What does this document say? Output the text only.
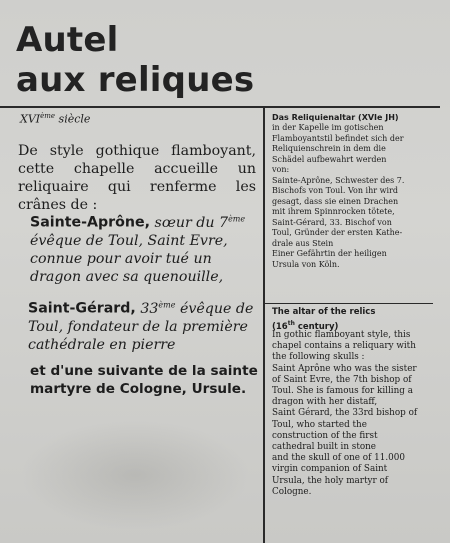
Autel
aux reliques
XVIème siècle

De style gothique flamboyant, cette chapelle accueille un reliquaire qui renferme les crânes de :

Sainte-Aprône, sœur du 7ème évêque de Toul, Saint Evre, connue pour avoir tué un dragon avec sa quenouille,

Saint-Gérard, 33ème évêque de Toul, fondateur de la première cathédrale en pierre

et d'une suivante de la sainte martyre de Cologne, Ursule.

Das Reliquienaltar (XVIe JH)

in der Kapelle im gotischen
Flamboyantstil befindet sich der
Reliquienschrein in dem die
Schädel aufbewahrt werden
von:
Sainte-Aprône, Schwester des 7.
Bischofs von Toul. Von ihr wird
gesagt, dass sie einen Drachen
mit ihrem Spinnrocken tötete,
Saint-Gérard, 33. Bischof von
Toul, Gründer der ersten Kathe-
drale aus Stein
Einer Gefährtin der heiligen
Ursula von Köln.

The altar of the relics
(16th century)

In gothic flamboyant style, this
chapel contains a reliquary with
the following skulls :
Saint Aprône who was the sister
of Saint Evre, the 7th bishop of
Toul. She is famous for killing a
dragon with her distaff,
Saint Gérard, the 33rd bishop of
Toul, who started the
construction of the first
cathedral built in stone
and the skull of one of 11.000
virgin companion of Saint
Ursula, the holy martyr of
Cologne.
